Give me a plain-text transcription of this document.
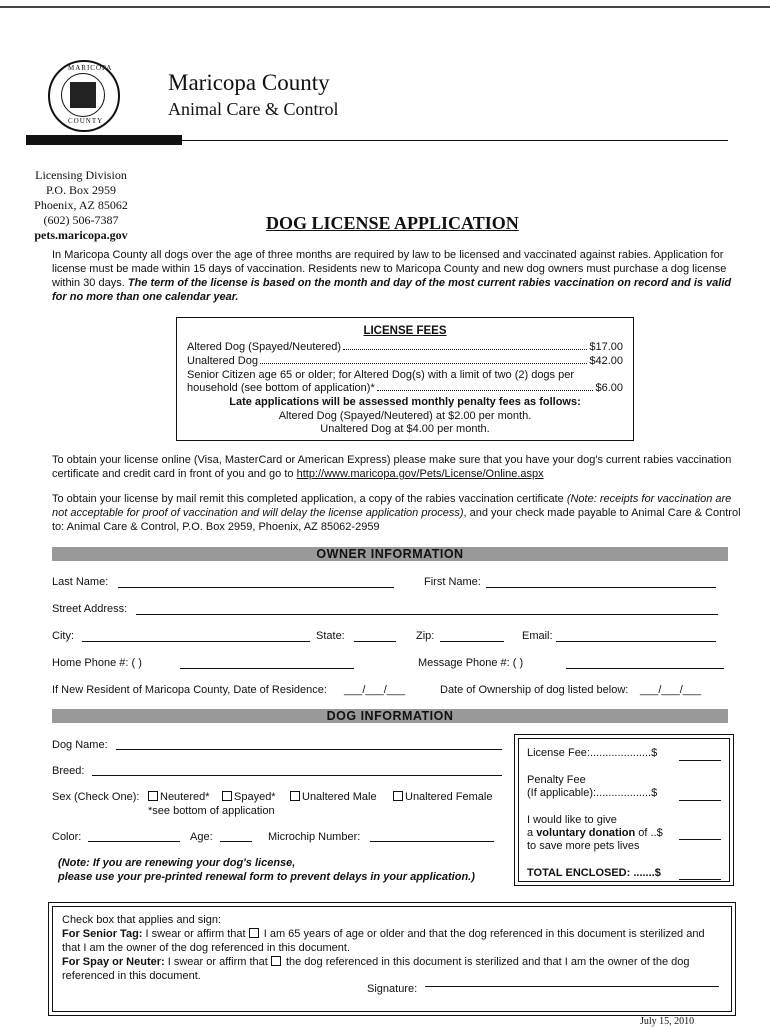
MARICOPA
COUNTY
Maricopa County
Animal Care & Control
Licensing Division
P.O. Box 2959
Phoenix, AZ 85062
(602) 506-7387
pets.maricopa.gov
DOG LICENSE APPLICATION
In Maricopa County all dogs over the age of three months are required by law to be licensed and vaccinated against rabies. Application for license must be made within 15 days of vaccination. Residents new to Maricopa County and new dog owners must purchase a dog license within 30 days. The term of the license is based on the month and day of the most current rabies vaccination on record and is valid for no more than one calendar year.
LICENSE FEES
Altered Dog (Spayed/Neutered)	$17.00
Unaltered Dog	$42.00
Senior Citizen age 65 or older; for Altered Dog(s) with a limit of two (2) dogs per
household (see bottom of application)*	$6.00
Late applications will be assessed monthly penalty fees as follows:
Altered Dog (Spayed/Neutered) at $2.00 per month.
Unaltered Dog at $4.00 per month.
To obtain your license online (Visa, MasterCard or American Express) please make sure that you have your dog's current rabies vaccination certificate and credit card in front of you and go to http://www.maricopa.gov/Pets/License/Online.aspx
To obtain your license by mail remit this completed application, a copy of the rabies vaccination certificate (Note: receipts for vaccination are not acceptable for proof of vaccination and will delay the license application process), and your check made payable to Animal Care & Control to: Animal Care & Control, P.O. Box 2959, Phoenix, AZ 85062-2959
OWNER INFORMATION
Last Name:	First Name:
Street Address:
City:	State:	Zip:	Email:
Home Phone #: ( )	Message Phone #: ( )
If New Resident of Maricopa County, Date of Residence: ___/___/___	Date of Ownership of dog listed below: ___/___/___
DOG INFORMATION
Dog Name:
Breed:
Sex (Check One):	Neutered*	Spayed*	Unaltered Male	Unaltered Female
*see bottom of application
Color:	Age:	Microchip Number:
(Note: If you are renewing your dog's license,
please use your pre-printed renewal form to prevent delays in your application.)
License Fee:....................$
Penalty Fee
(If applicable):..................$
I would like to give
a voluntary donation of ..$
to save more pets lives
TOTAL ENCLOSED: .......$
Check box that applies and sign:
For Senior Tag: I swear or affirm that I am 65 years of age or older and that the dog referenced in this document is sterilized and that I am the owner of the dog referenced in this document.
For Spay or Neuter: I swear or affirm that the dog referenced in this document is sterilized and that I am the owner of the dog referenced in this document.
Signature:
July 15, 2010
